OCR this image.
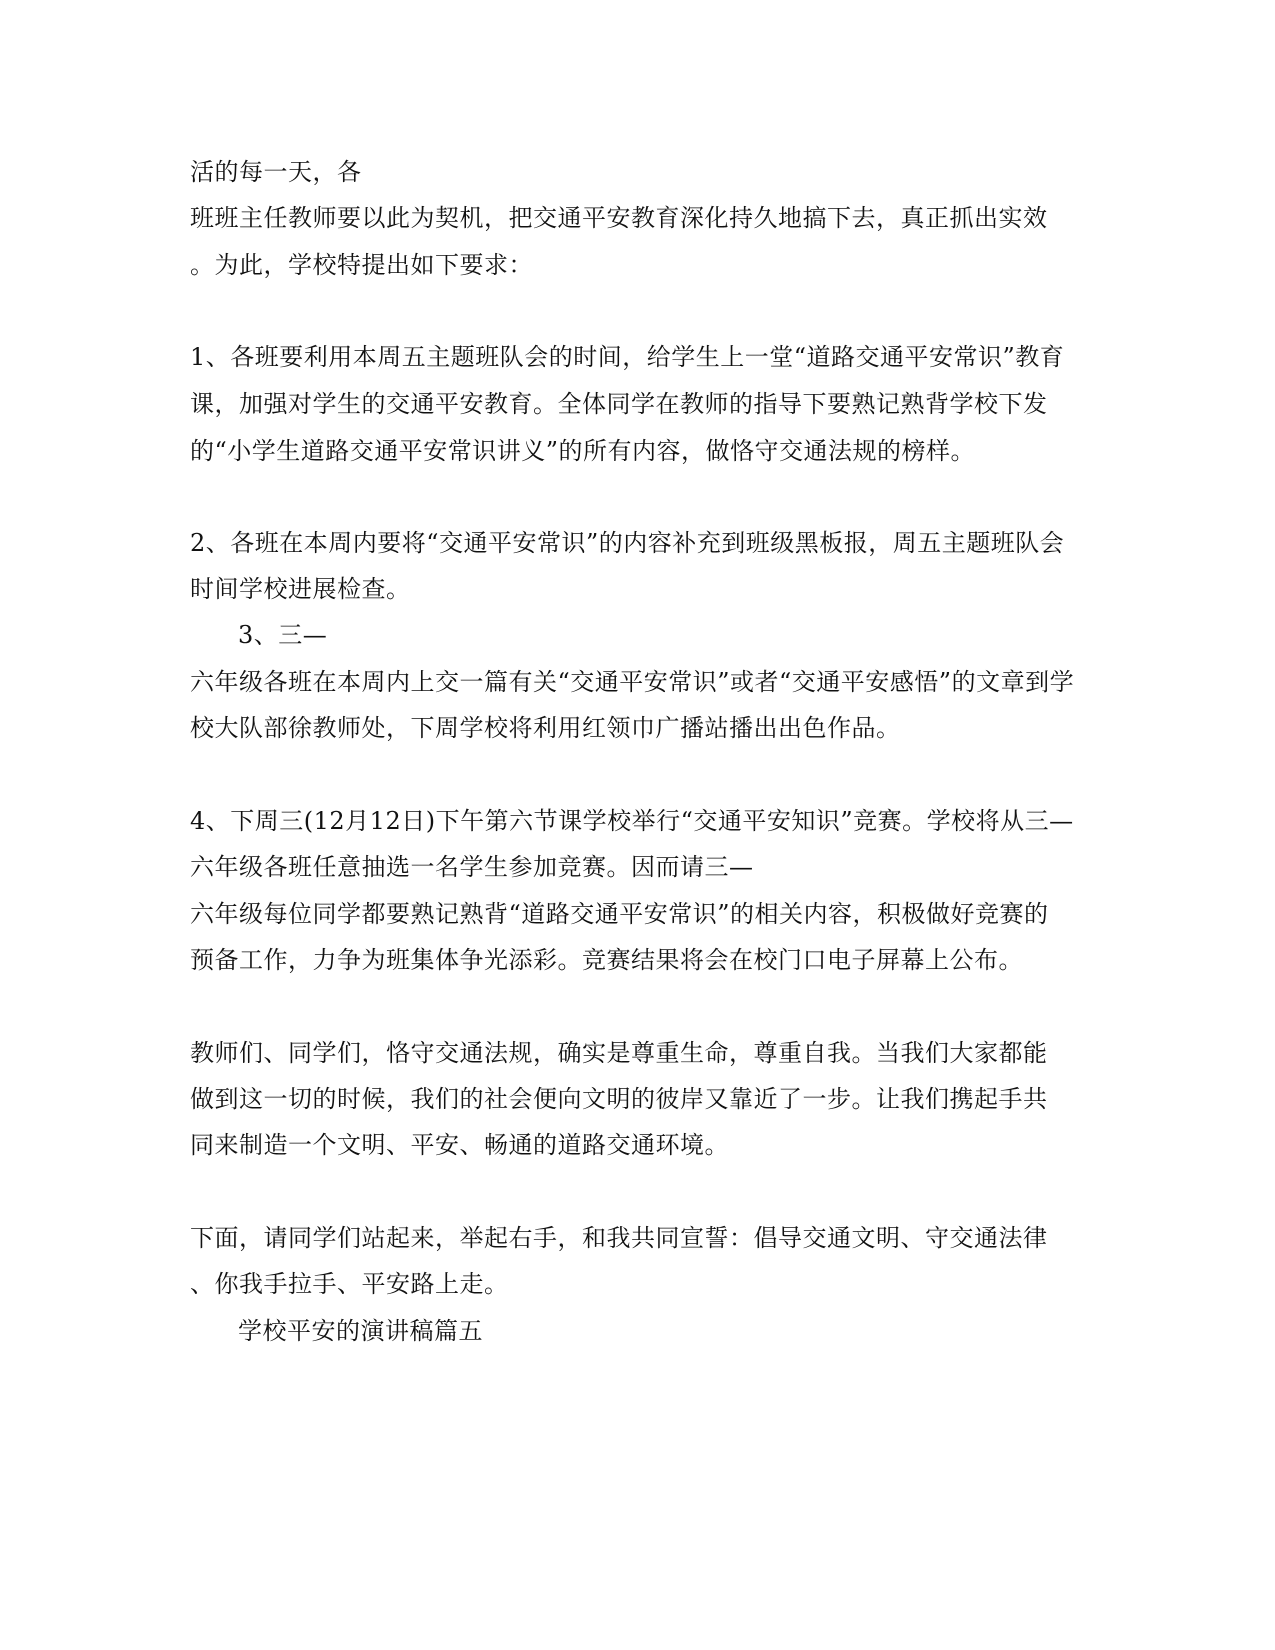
活的每一天，各
班班主任教师要以此为契机，把交通平安教育深化持久地搞下去，真正抓出实效
。为此，学校特提出如下要求：
1、各班要利用本周五主题班队会的时间，给学生上一堂“道路交通平安常识”教育
课，加强对学生的交通平安教育。全体同学在教师的指导下要熟记熟背学校下发
的“小学生道路交通平安常识讲义”的所有内容，做恪守交通法规的榜样。
2、各班在本周内要将“交通平安常识”的内容补充到班级黑板报，周五主题班队会
时间学校进展检查。
3、三—
六年级各班在本周内上交一篇有关“交通平安常识”或者“交通平安感悟”的文章到学
校大队部徐教师处，下周学校将利用红领巾广播站播出出色作品。
4、下周三(12月12日)下午第六节课学校举行“交通平安知识”竞赛。学校将从三—
六年级各班任意抽选一名学生参加竞赛。因而请三—
六年级每位同学都要熟记熟背“道路交通平安常识”的相关内容，积极做好竞赛的
预备工作，力争为班集体争光添彩。竞赛结果将会在校门口电子屏幕上公布。
教师们、同学们，恪守交通法规，确实是尊重生命，尊重自我。当我们大家都能
做到这一切的时候，我们的社会便向文明的彼岸又靠近了一步。让我们携起手共
同来制造一个文明、平安、畅通的道路交通环境。
下面，请同学们站起来，举起右手，和我共同宣誓：倡导交通文明、守交通法律
、你我手拉手、平安路上走。
学校平安的演讲稿篇五
